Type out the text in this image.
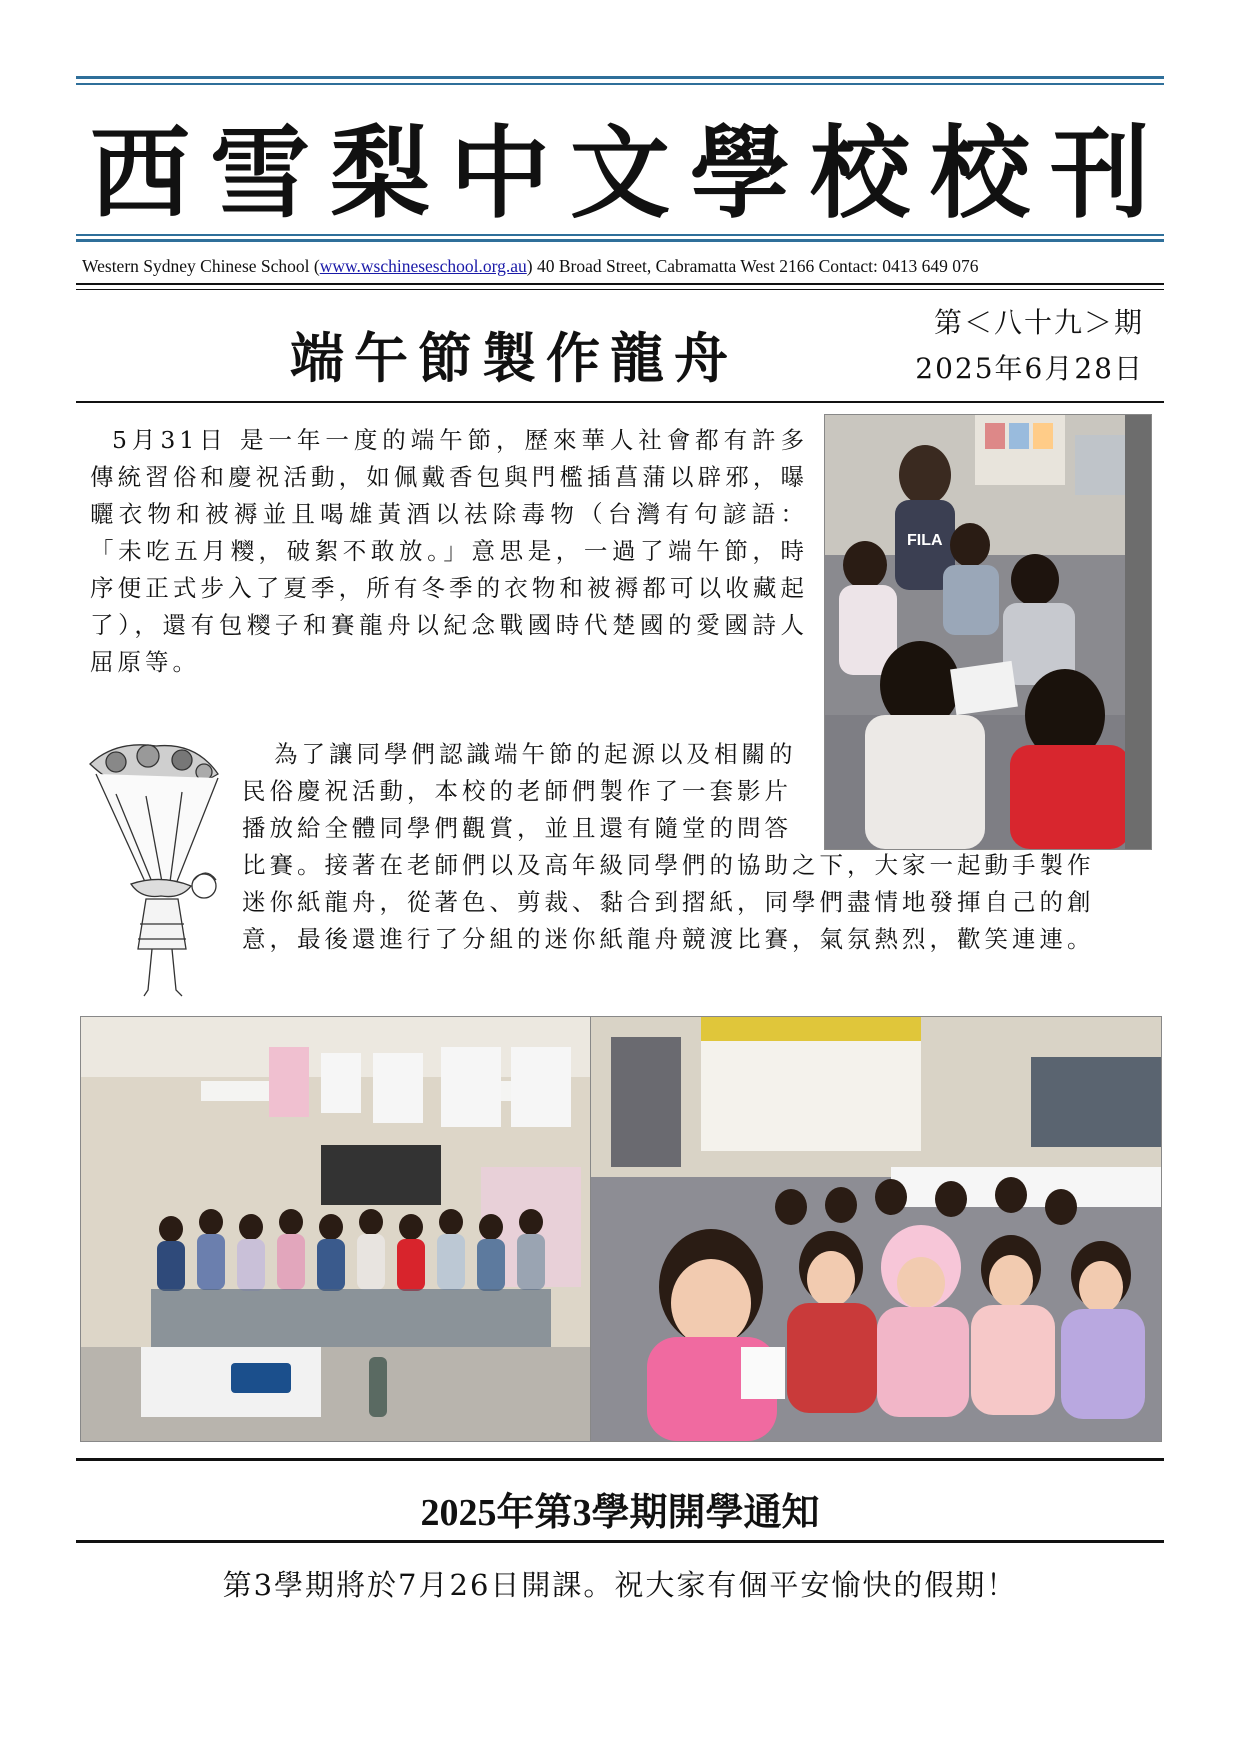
西雪梨中文學校校刊
Western Sydney Chinese School (www.wschineseschool.org.au) 40 Broad Street, Cabramatta West 2166 Contact: 0413 649 076
第＜八十九＞期
2025年6月28日
端午節製作龍舟
5月31日 是一年一度的端午節，歷來華人社會都有許多傳統習俗和慶祝活動，如佩戴香包與門檻插菖蒲以辟邪，曝曬衣物和被褥並且喝雄黃酒以祛除毒物（台灣有句諺語：「未吃五月糭，破絮不敢放。」意思是，一過了端午節，時序便正式步入了夏季，所有冬季的衣物和被褥都可以收藏起了），還有包糭子和賽龍舟以紀念戰國時代楚國的愛國詩人屈原等。
FILA
為了讓同學們認識端午節的起源以及相關的
民俗慶祝活動，本校的老師們製作了一套影片
播放給全體同學們觀賞，並且還有隨堂的問答
比賽。接著在老師們以及高年級同學們的協助之下，大家一起動手製作
迷你紙龍舟，從著色、剪裁、黏合到摺紙，同學們盡情地發揮自己的創
意，最後還進行了分組的迷你紙龍舟競渡比賽，氣氛熱烈，歡笑連連。
2025年第3學期開學通知
第3學期將於7月26日開課。祝大家有個平安愉快的假期！
